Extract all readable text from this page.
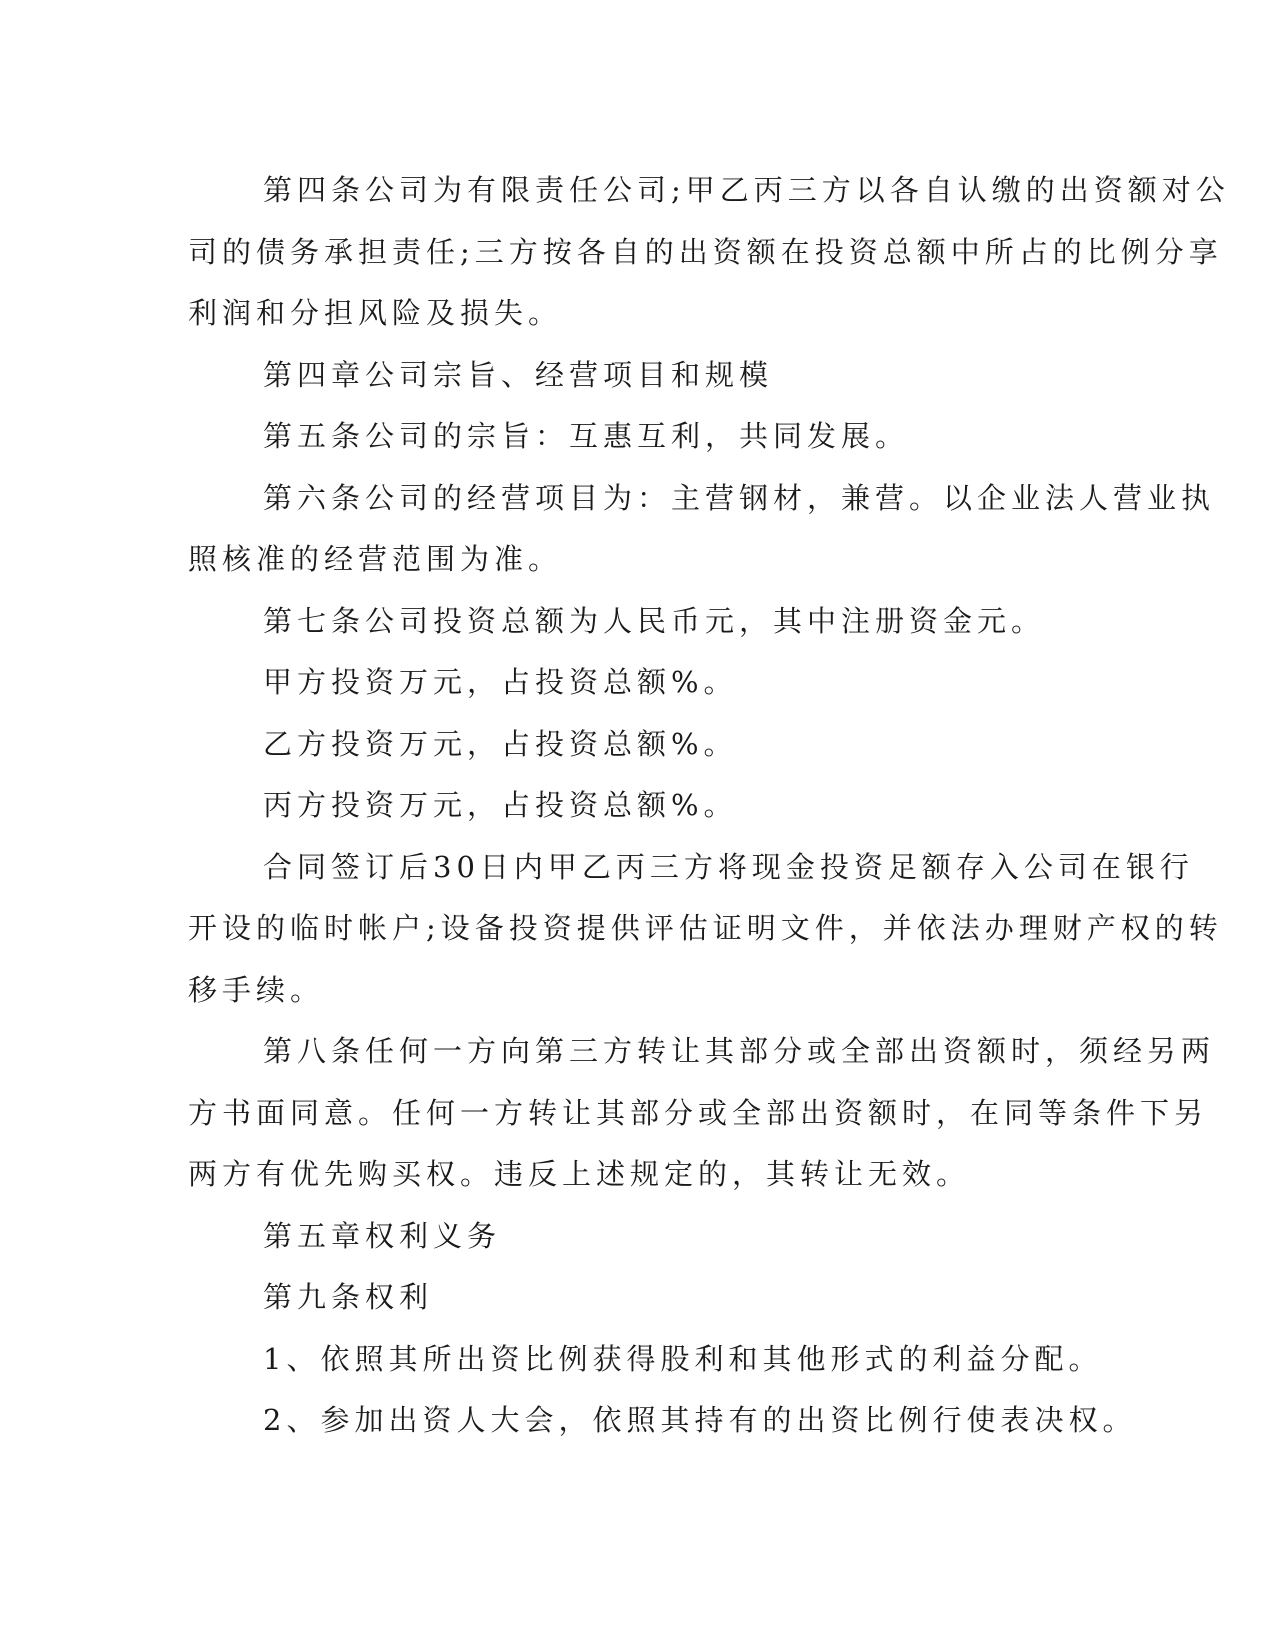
第四条公司为有限责任公司;甲乙丙三方以各自认缴的出资额对公
司的债务承担责任;三方按各自的出资额在投资总额中所占的比例分享
利润和分担风险及损失。

第四章公司宗旨、经营项目和规模

第五条公司的宗旨：互惠互利，共同发展。

第六条公司的经营项目为：主营钢材，兼营。以企业法人营业执
照核准的经营范围为准。

第七条公司投资总额为人民币元，其中注册资金元。

甲方投资万元，占投资总额%。

乙方投资万元，占投资总额%。

丙方投资万元，占投资总额%。

合同签订后30日内甲乙丙三方将现金投资足额存入公司在银行
开设的临时帐户;设备投资提供评估证明文件，并依法办理财产权的转
移手续。

第八条任何一方向第三方转让其部分或全部出资额时，须经另两
方书面同意。任何一方转让其部分或全部出资额时，在同等条件下另
两方有优先购买权。违反上述规定的，其转让无效。

第五章权利义务

第九条权利

1、依照其所出资比例获得股利和其他形式的利益分配。

2、参加出资人大会，依照其持有的出资比例行使表决权。
